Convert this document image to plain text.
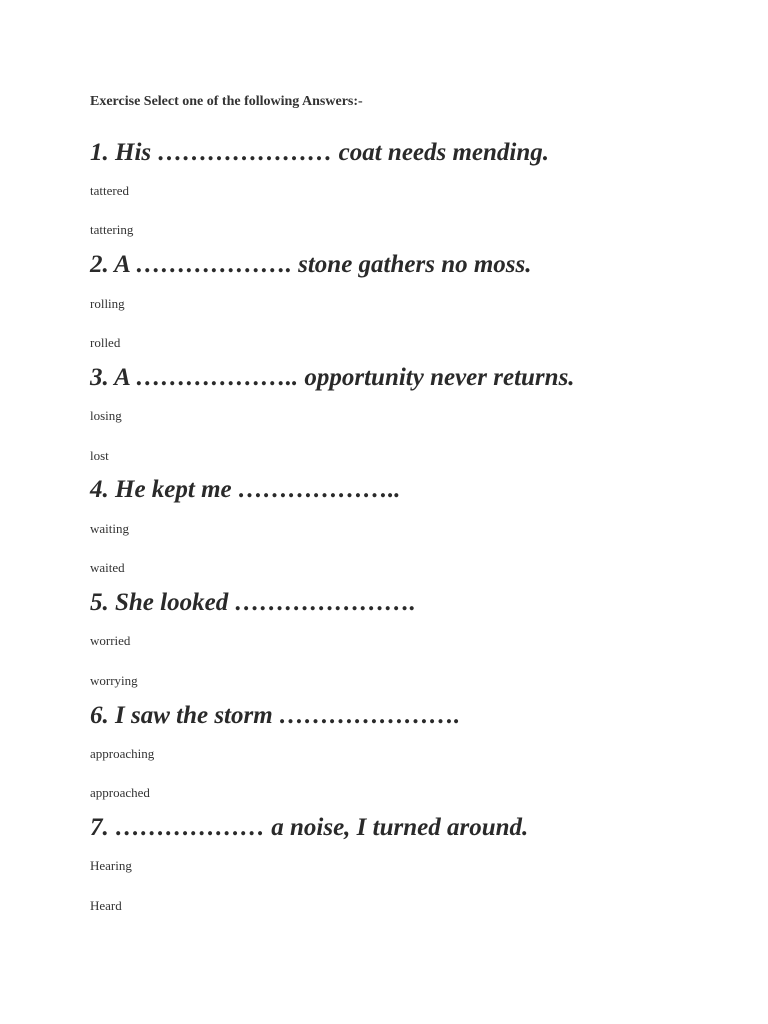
Exercise Select one of the following Answers:-
1. His ………………… coat needs mending.
tattered
tattering
2. A ………………. stone gathers no moss.
rolling
rolled
3. A ……………….. opportunity never returns.
losing
lost
4. He kept me ………………..
waiting
waited
5. She looked ………………….
worried
worrying
6. I saw the storm ………………….
approaching
approached
7. ……………… a noise, I turned around.
Hearing
Heard
